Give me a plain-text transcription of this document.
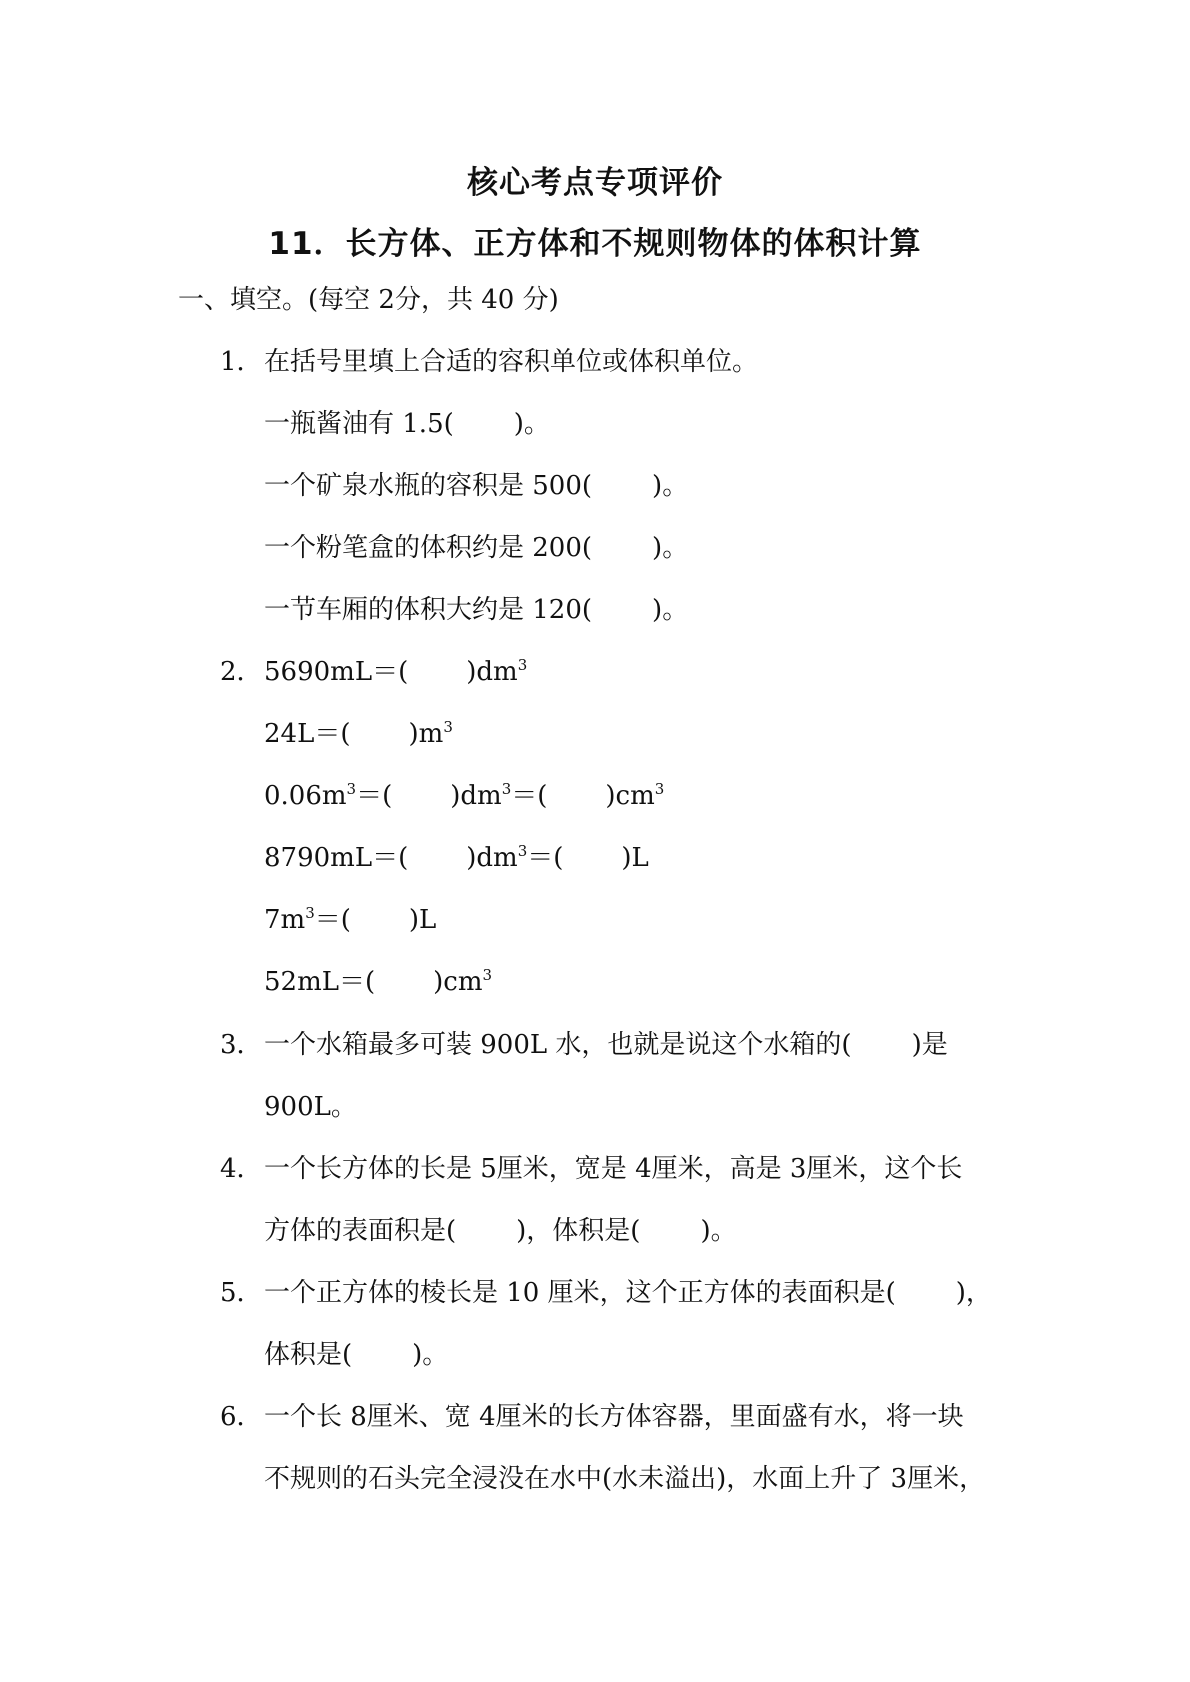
核心考点专项评价
11．长方体、正方体和不规则物体的体积计算
一、填空。(每空 2分，共 40 分)
1．在括号里填上合适的容积单位或体积单位。
一瓶酱油有 1.5( )。
一个矿泉水瓶的容积是 500( )。
一个粉笔盒的体积约是 200( )。
一节车厢的体积大约是 120( )。
2．5690mL＝( )$dm^3$
24L＝( )$m^3$
$0.06m^3=$( )$dm^3=$( )$cm^3$
8790mL＝( )$dm^3=$( )L
$7m^3=$( )L
52mL＝( )$cm^3$
3．一个水箱最多可装 900L 水，也就是说这个水箱的( )是
900L。
4．一个长方体的长是 5厘米，宽是 4厘米，高是 3厘米，这个长
方体的表面积是( )，体积是( )。
5．一个正方体的棱长是 10 厘米，这个正方体的表面积是( )，
体积是( )。
6．一个长 8厘米、宽 4厘米的长方体容器，里面盛有水，将一块
不规则的石头完全浸没在水中(水未溢出)，水面上升了 3厘米，
